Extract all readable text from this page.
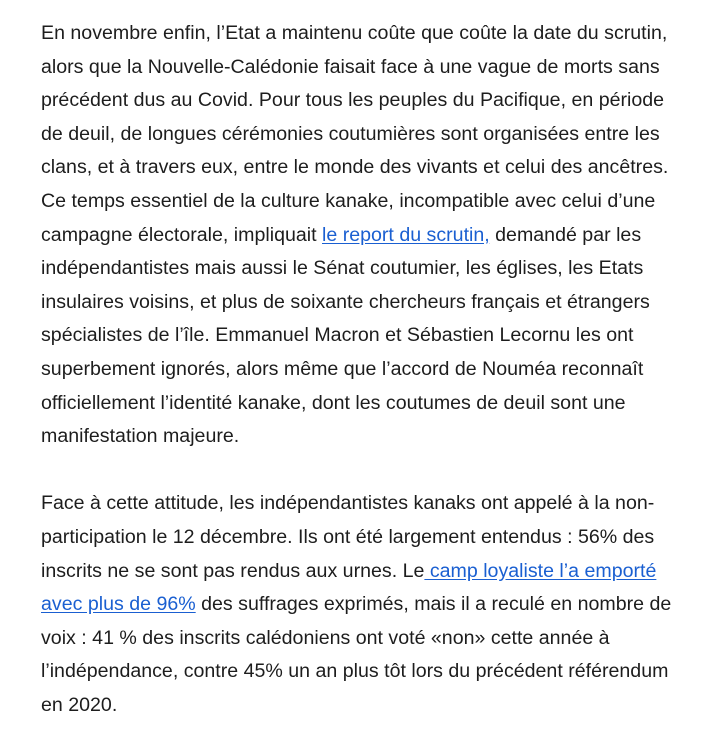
En novembre enfin, l’Etat a maintenu coûte que coûte la date du scrutin,
alors que la Nouvelle-Calédonie faisait face à une vague de morts sans
précédent dus au Covid. Pour tous les peuples du Pacifique, en période
de deuil, de longues cérémonies coutumières sont organisées entre les
clans, et à travers eux, entre le monde des vivants et celui des ancêtres.
Ce temps essentiel de la culture kanake, incompatible avec celui d’une
campagne électorale, impliquait le report du scrutin, demandé par les
indépendantistes mais aussi le Sénat coutumier, les églises, les Etats
insulaires voisins, et plus de soixante chercheurs français et étrangers
spécialistes de l’île. Emmanuel Macron et Sébastien Lecornu les ont
superbement ignorés, alors même que l’accord de Nouméa reconnaît
officiellement l’identité kanake, dont les coutumes de deuil sont une
manifestation majeure.

Face à cette attitude, les indépendantistes kanaks ont appelé à la non-
participation le 12 décembre. Ils ont été largement entendus : 56% des
inscrits ne se sont pas rendus aux urnes. Le camp loyaliste l’a emporté
avec plus de 96% des suffrages exprimés, mais il a reculé en nombre de
voix : 41 % des inscrits calédoniens ont voté «non» cette année à
l’indépendance, contre 45% un an plus tôt lors du précédent référendum
en 2020.
